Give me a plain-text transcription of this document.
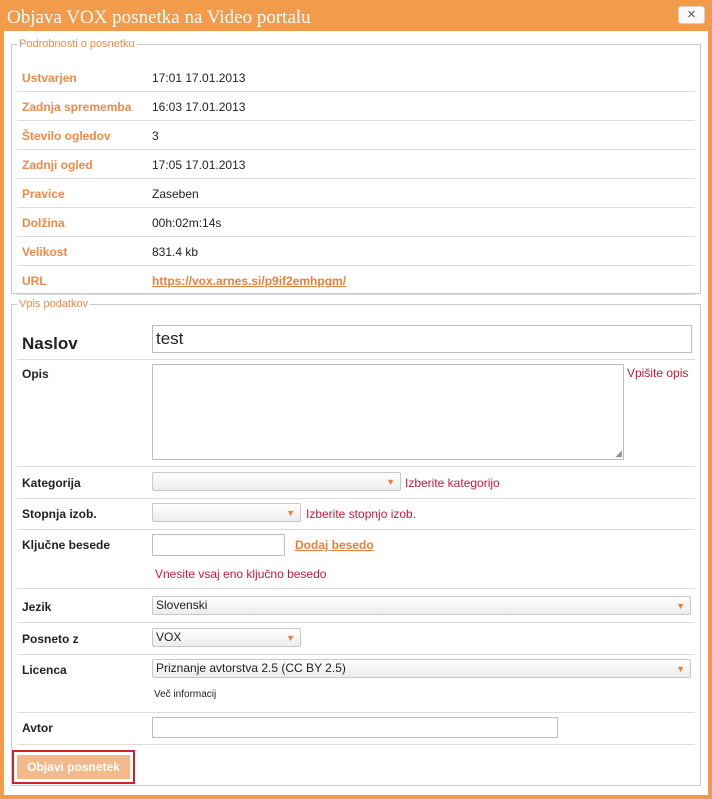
Objava VOX posnetka na Video portalu	×
Podrobnosti o posnetku
Ustvarjen	17:01 17.01.2013
Zadnja sprememba 16:03 17.01.2013
Število ogledov	3
Zadnji ogled	17:05 17.01.2013
Pravice	Zaseben
Dolžina	00h:02m:14s
Velikost	831.4 kb
URL	https://vox.arnes.si/p9if2emhpgm/
Vpis podatkov
Naslov	test
Opis
◢
Vpišite opis
Kategorija	▼ Izberite kategorijo
Stopnja izob.	▼ Izberite stopnjo izob.
Ključne besede	Dodaj besedo
Vnesite vsaj eno ključno besedo
Jezik	Slovenski	▼
Posneto z	VOX	▼
Licenca	Priznanje avtorstva 2.5 (CC BY 2.5)	▼
Več informacij
Avtor
Objavi posnetek
